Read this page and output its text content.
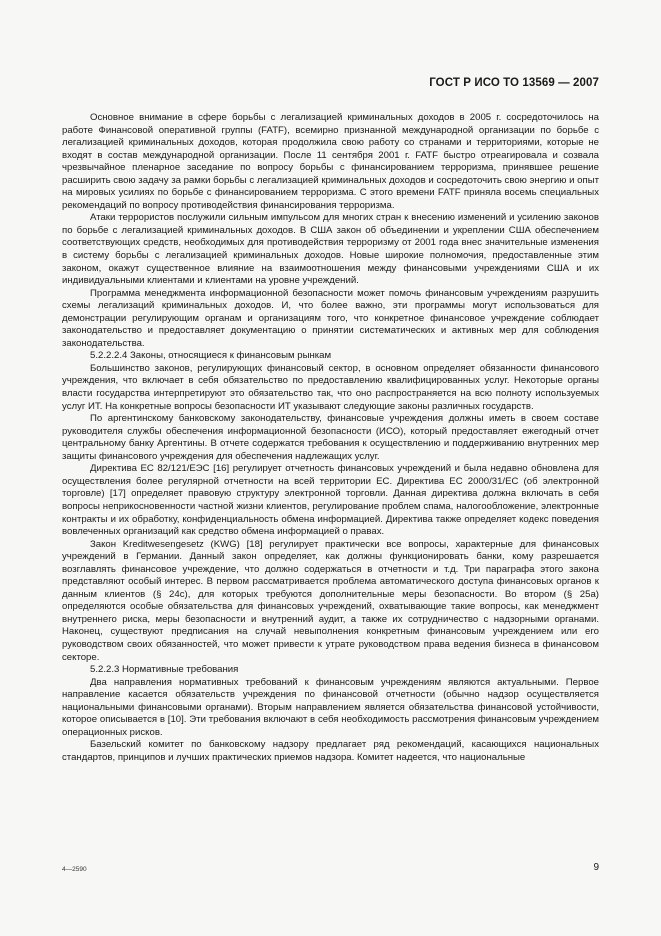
ГОСТ Р ИСО ТО 13569 — 2007

Основное внимание в сфере борьбы с легализацией криминальных доходов в 2005 г. сосредоточилось на работе Финансовой оперативной группы (FATF), всемирно признанной международной организации по борьбе с легализацией криминальных доходов, которая продолжила свою работу со странами и территориями, которые не входят в состав международной организации. После 11 сентября 2001 г. FATF быстро отреагировала и созвала чрезвычайное пленарное заседание по вопросу борьбы с финансированием терроризма, принявшее решение расширить свою задачу за рамки борьбы с легализацией криминальных доходов и сосредоточить свою энергию и опыт на мировых усилиях по борьбе с финансированием терроризма. С этого времени FATF приняла восемь специальных рекомендаций по вопросу противодействия финансирования терроризма.

Атаки террористов послужили сильным импульсом для многих стран к внесению изменений и усилению законов по борьбе с легализацией криминальных доходов. В США закон об объединении и укреплении США обеспечением соответствующих средств, необходимых для противодействия терроризму от 2001 года внес значительные изменения в систему борьбы с легализацией криминальных доходов. Новые широкие полномочия, предоставленные этим законом, окажут существенное влияние на взаимоотношения между финансовыми учреждениями США и их индивидуальными клиентами и клиентами на уровне учреждений.

Программа менеджмента информационной безопасности может помочь финансовым учреждениям разрушить схемы легализаций криминальных доходов. И, что более важно, эти программы могут использоваться для демонстрации регулирующим органам и организациям того, что конкретное финансовое учреждение соблюдает законодательство и предоставляет документацию о принятии систематических и активных мер для соблюдения законодательства.

5.2.2.2.4 Законы, относящиеся к финансовым рынкам

Большинство законов, регулирующих финансовый сектор, в основном определяет обязанности финансового учреждения, что включает в себя обязательство по предоставлению квалифицированных услуг. Некоторые органы власти государства интерпретируют это обязательство так, что оно распространяется на всю полноту используемых услуг ИТ. На конкретные вопросы безопасности ИТ указывают следующие законы различных государств.

По аргентинскому банковскому законодательству, финансовые учреждения должны иметь в своем составе руководителя службы обеспечения информационной безопасности (ИСО), который предоставляет ежегодный отчет центральному банку Аргентины. В отчете содержатся требования к осуществлению и поддерживанию внутренних мер защиты финансового учреждения для обеспечения надлежащих услуг.

Директива ЕС 82/121/ЕЭС [16] регулирует отчетность финансовых учреждений и была недавно обновлена для осуществления более регулярной отчетности на всей территории ЕС. Директива ЕС 2000/31/ЕС (об электронной торговле) [17] определяет правовую структуру электронной торговли. Данная директива должна включать в себя вопросы неприкосновенности частной жизни клиентов, регулирование проблем спама, налогообложение, электронные контракты и их обработку, конфиденциальность обмена информацией. Директива также определяет кодекс поведения вовлеченных организаций как средство обмена информацией о правах.

Закон Kreditwesengesetz (KWG) [18] регулирует практически все вопросы, характерные для финансовых учреждений в Германии. Данный закон определяет, как должны функционировать банки, кому разрешается возглавлять финансовое учреждение, что должно содержаться в отчетности и т.д. Три параграфа этого закона представляют особый интерес. В первом рассматривается проблема автоматического доступа финансовых органов к данным клиентов (§ 24с), для которых требуются дополнительные меры безопасности. Во втором (§ 25а) определяются особые обязательства для финансовых учреждений, охватывающие такие вопросы, как менеджмент внутреннего риска, меры безопасности и внутренний аудит, а также их сотрудничество с надзорными органами. Наконец, существуют предписания на случай невыполнения конкретным финансовым учреждением или его руководством своих обязанностей, что может привести к утрате руководством права ведения бизнеса в финансовом секторе.

5.2.2.3 Нормативные требования

Два направления нормативных требований к финансовым учреждениям являются актуальными. Первое направление касается обязательств учреждения по финансовой отчетности (обычно надзор осуществляется национальными финансовыми органами). Вторым направлением является обязательства финансовой устойчивости, которое описывается в [10]. Эти требования включают в себя необходимость рассмотрения финансовым учреждением операционных рисков.

Базельский комитет по банковскому надзору предлагает ряд рекомендаций, касающихся национальных стандартов, принципов и лучших практических приемов надзора. Комитет надеется, что национальные

4—2590	9
